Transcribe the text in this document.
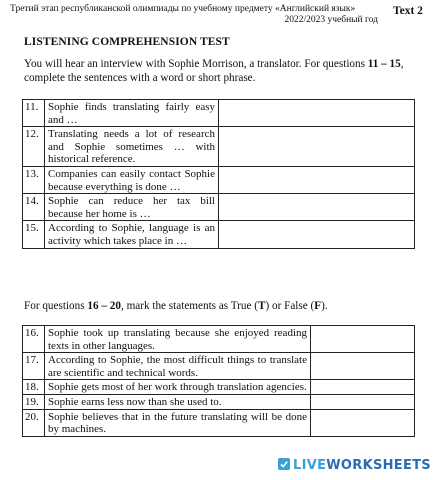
Третий этап республиканской олимпиады по учебному предмету «Английский язык»
2022/2023 учебный год
Text 2
LISTENING COMPREHENSION TEST
You will hear an interview with Sophie Morrison, a translator. For questions 11 – 15, complete the sentences with a word or short phrase.
11.	Sophie finds translating fairly easy and …	
12.	Translating needs a lot of research and Sophie sometimes … with historical reference.	
13.	Companies can easily contact Sophie because everything is done …	
14.	Sophie can reduce her tax bill because her home is …	
15.	According to Sophie, language is an activity which takes place in …	
For questions 16 – 20, mark the statements as True (T) or False (F).
16.	Sophie took up translating because she enjoyed reading texts in other languages.	
17.	According to Sophie, the most difficult things to translate are scientific and technical words.	
18.	Sophie gets most of her work through translation agencies.	
19.	Sophie earns less now than she used to.	
20.	Sophie believes that in the future translating will be done by machines.	
LIVEWORKSHEETS
